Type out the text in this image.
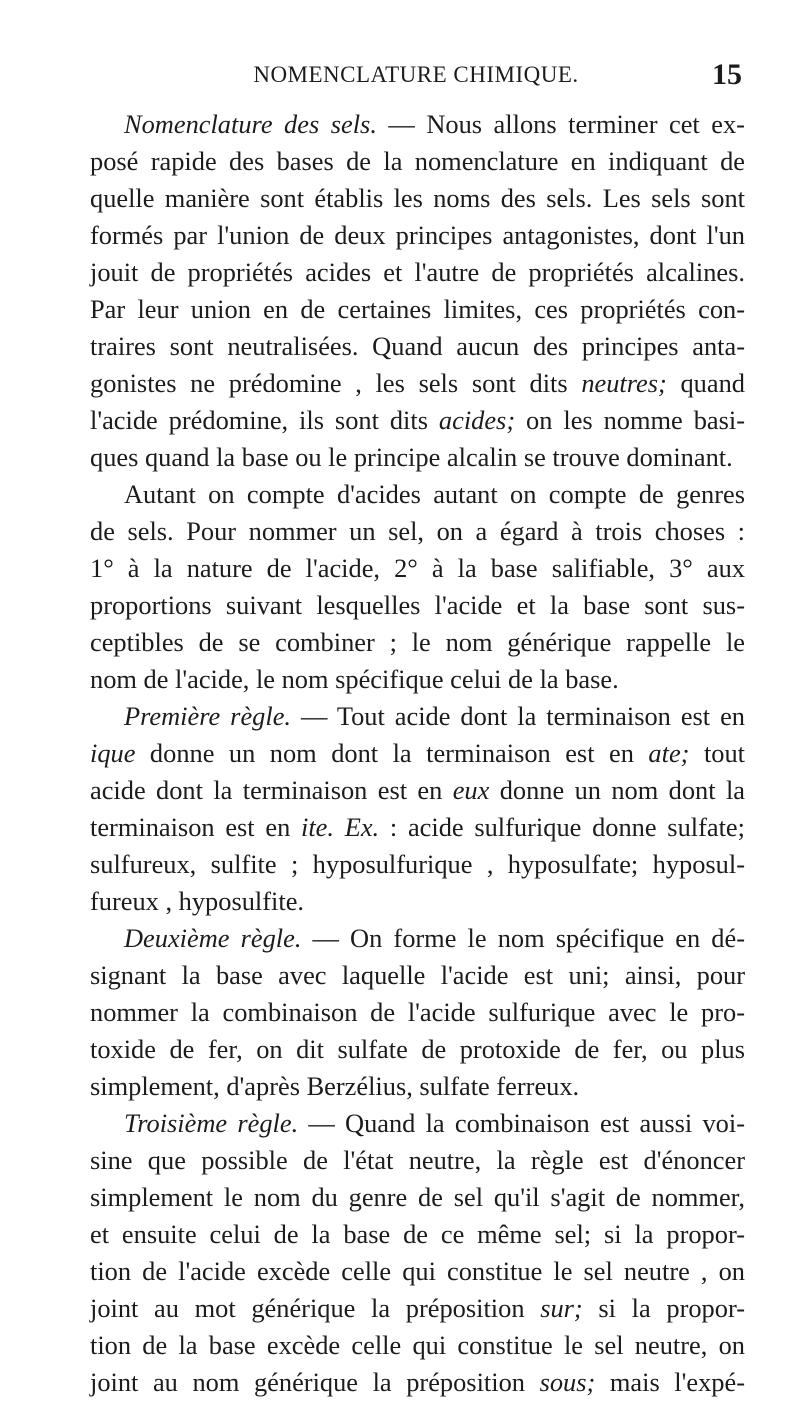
NOMENCLATURE CHIMIQUE.	15
Nomenclature des sels. — Nous allons terminer cet ex-
posé rapide des bases de la nomenclature en indiquant de
quelle manière sont établis les noms des sels. Les sels sont
formés par l'union de deux principes antagonistes, dont l'un
jouit de propriétés acides et l'autre de propriétés alcalines.
Par leur union en de certaines limites, ces propriétés con-
traires sont neutralisées. Quand aucun des principes anta-
gonistes ne prédomine , les sels sont dits neutres; quand
l'acide prédomine, ils sont dits acides; on les nomme basi-
ques quand la base ou le principe alcalin se trouve dominant.
Autant on compte d'acides autant on compte de genres
de sels. Pour nommer un sel, on a égard à trois choses :
1° à la nature de l'acide, 2° à la base salifiable, 3° aux
proportions suivant lesquelles l'acide et la base sont sus-
ceptibles de se combiner ; le nom générique rappelle le
nom de l'acide, le nom spécifique celui de la base.
Première règle. — Tout acide dont la terminaison est en
ique donne un nom dont la terminaison est en ate; tout
acide dont la terminaison est en eux donne un nom dont la
terminaison est en ite. Ex. : acide sulfurique donne sulfate;
sulfureux, sulfite ; hyposulfurique , hyposulfate; hyposul-
fureux , hyposulfite.
Deuxième règle. — On forme le nom spécifique en dé-
signant la base avec laquelle l'acide est uni; ainsi, pour
nommer la combinaison de l'acide sulfurique avec le pro-
toxide de fer, on dit sulfate de protoxide de fer, ou plus
simplement, d'après Berzélius, sulfate ferreux.
Troisième règle. — Quand la combinaison est aussi voi-
sine que possible de l'état neutre, la règle est d'énoncer
simplement le nom du genre de sel qu'il s'agit de nommer,
et ensuite celui de la base de ce même sel; si la propor-
tion de l'acide excède celle qui constitue le sel neutre , on
joint au mot générique la préposition sur; si la propor-
tion de la base excède celle qui constitue le sel neutre, on
joint au nom générique la préposition sous; mais l'expé-
